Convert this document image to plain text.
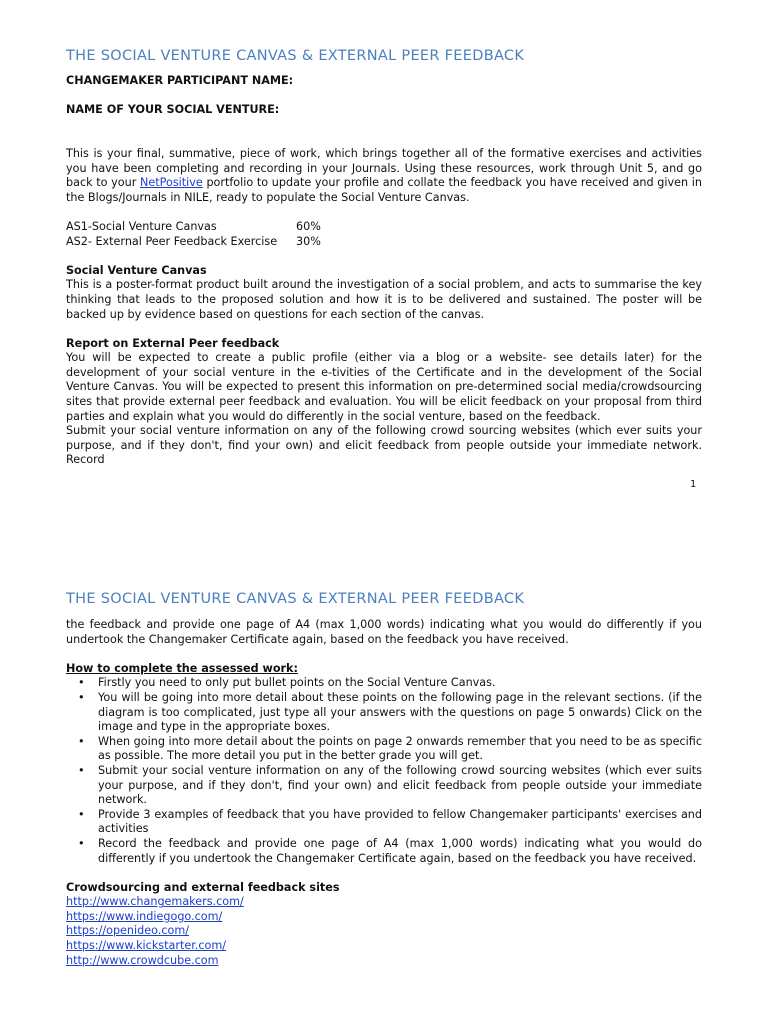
THE SOCIAL VENTURE CANVAS & EXTERNAL PEER FEEDBACK

CHANGEMAKER PARTICIPANT NAME:

NAME OF YOUR SOCIAL VENTURE:

This is your final, summative, piece of work, which brings together all of the formative exercises and activities you have been completing and recording in your Journals. Using these resources, work through Unit 5, and go back to your NetPositive portfolio to update your profile and collate the feedback you have received and given in the Blogs/Journals in NILE, ready to populate the Social Venture Canvas.

AS1-Social Venture Canvas	60%
AS2- External Peer Feedback Exercise	30%

Social Venture Canvas

This is a poster-format product built around the investigation of a social problem, and acts to summarise the key thinking that leads to the proposed solution and how it is to be delivered and sustained. The poster will be backed up by evidence based on questions for each section of the canvas.

Report on External Peer feedback

You will be expected to create a public profile (either via a blog or a website- see details later) for the development of your social venture in the e-tivities of the Certificate and in the development of the Social Venture Canvas. You will be expected to present this information on pre-determined social media/crowdsourcing sites that provide external peer feedback and evaluation. You will be elicit feedback on your proposal from third parties and explain what you would do differently in the social venture, based on the feedback.

Submit your social venture information on any of the following crowd sourcing websites (which ever suits your purpose, and if they don't, find your own) and elicit feedback from people outside your immediate network. Record

1
THE SOCIAL VENTURE CANVAS & EXTERNAL PEER FEEDBACK

the feedback and provide one page of A4 (max 1,000 words) indicating what you would do differently if you undertook the Changemaker Certificate again, based on the feedback you have received.

How to complete the assessed work:

• Firstly you need to only put bullet points on the Social Venture Canvas.
• You will be going into more detail about these points on the following page in the relevant sections. (if the diagram is too complicated, just type all your answers with the questions on page 5 onwards) Click on the image and type in the appropriate boxes.
• When going into more detail about the points on page 2 onwards remember that you need to be as specific as possible. The more detail you put in the better grade you will get.
• Submit your social venture information on any of the following crowd sourcing websites (which ever suits your purpose, and if they don't, find your own) and elicit feedback from people outside your immediate network.
• Provide 3 examples of feedback that you have provided to fellow Changemaker participants' exercises and activities
• Record the feedback and provide one page of A4 (max 1,000 words) indicating what you would do differently if you undertook the Changemaker Certificate again, based on the feedback you have received.

Crowdsourcing and external feedback sites

http://www.changemakers.com/
https://www.indiegogo.com/
https://openideo.com/
https://www.kickstarter.com/
http://www.crowdcube.com
